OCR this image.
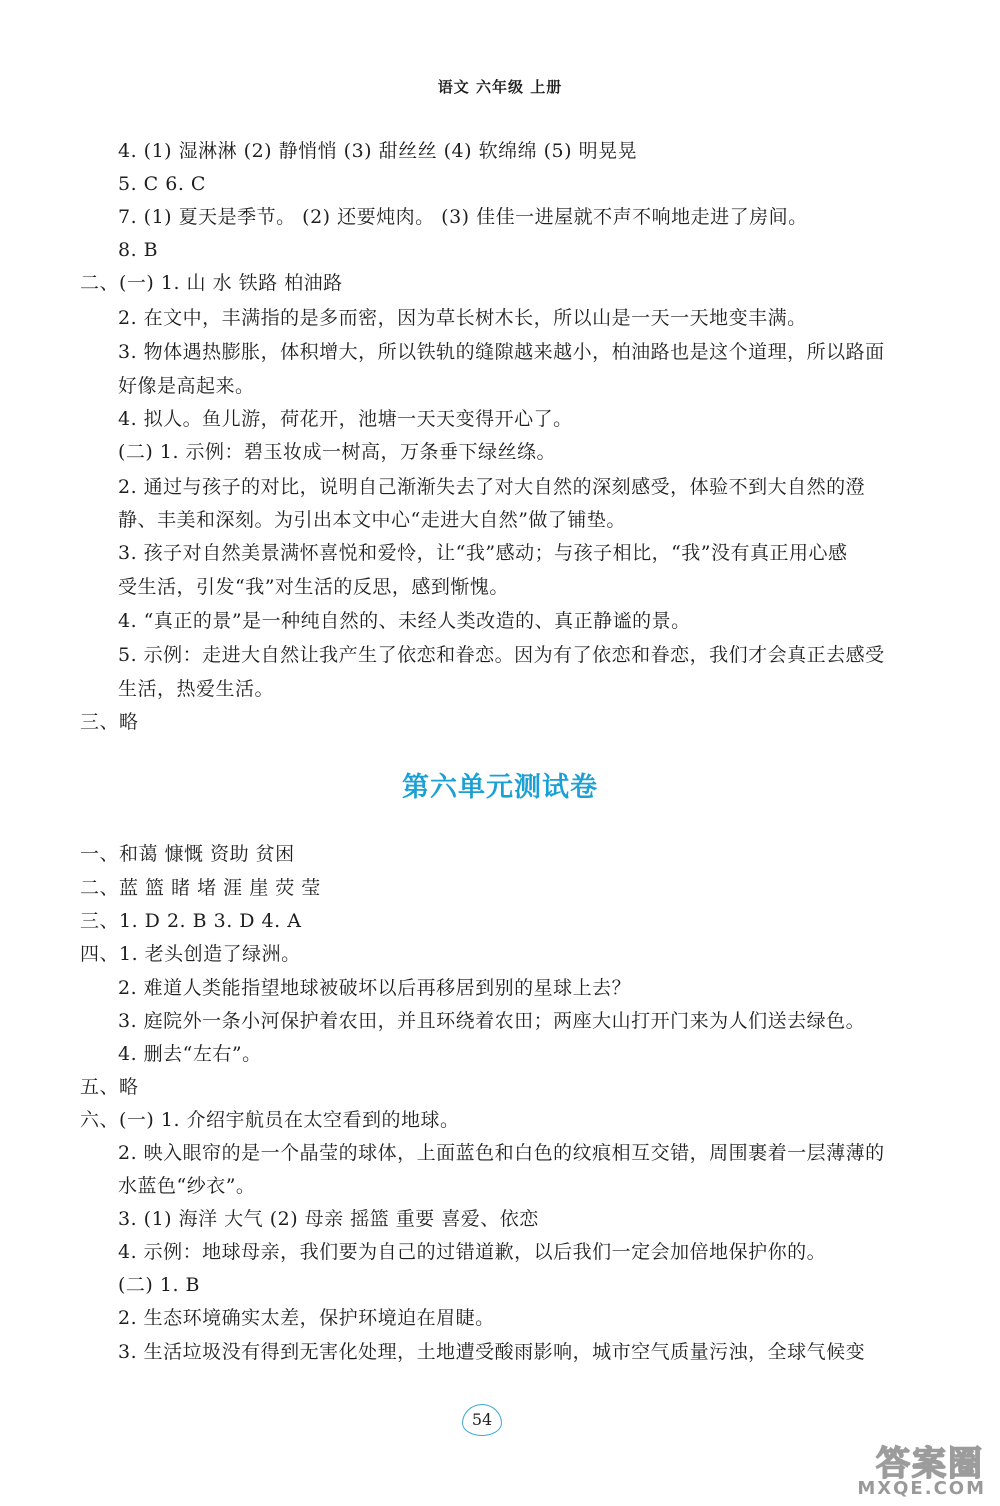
语文 六年级 上册
4. (1) 湿淋淋 (2) 静悄悄 (3) 甜丝丝 (4) 软绵绵 (5) 明晃晃
5. C 6. C
7. (1) 夏天是季节。 (2) 还要炖肉。 (3) 佳佳一进屋就不声不响地走进了房间。
8. B
二、(一) 1. 山 水 铁路 柏油路
2. 在文中，丰满指的是多而密，因为草长树木长，所以山是一天一天地变丰满。
3. 物体遇热膨胀，体积增大，所以铁轨的缝隙越来越小，柏油路也是这个道理，所以路面
好像是高起来。
4. 拟人。鱼儿游，荷花开，池塘一天天变得开心了。
(二) 1. 示例：碧玉妆成一树高，万条垂下绿丝绦。
2. 通过与孩子的对比，说明自己渐渐失去了对大自然的深刻感受，体验不到大自然的澄
静、丰美和深刻。为引出本文中心“走进大自然”做了铺垫。
3. 孩子对自然美景满怀喜悦和爱怜，让“我”感动；与孩子相比，“我”没有真正用心感
受生活，引发“我”对生活的反思，感到惭愧。
4. “真正的景”是一种纯自然的、未经人类改造的、真正静谧的景。
5. 示例：走进大自然让我产生了依恋和眷恋。因为有了依恋和眷恋，我们才会真正去感受
生活，热爱生活。
三、略
第六单元测试卷
一、和蔼 慷慨 资助 贫困
二、蓝 篮 睹 堵 涯 崖 荧 莹
三、1. D 2. B 3. D 4. A
四、1. 老头创造了绿洲。
2. 难道人类能指望地球被破坏以后再移居到别的星球上去？
3. 庭院外一条小河保护着农田，并且环绕着农田；两座大山打开门来为人们送去绿色。
4. 删去“左右”。
五、略
六、(一) 1. 介绍宇航员在太空看到的地球。
2. 映入眼帘的是一个晶莹的球体，上面蓝色和白色的纹痕相互交错，周围裹着一层薄薄的
水蓝色“纱衣”。
3. (1) 海洋 大气 (2) 母亲 摇篮 重要 喜爱、依恋
4. 示例：地球母亲，我们要为自己的过错道歉，以后我们一定会加倍地保护你的。
(二) 1. B
2. 生态环境确实太差，保护环境迫在眉睫。
3. 生活垃圾没有得到无害化处理，土地遭受酸雨影响，城市空气质量污浊，全球气候变
54
答案圈
MXQE.COM
